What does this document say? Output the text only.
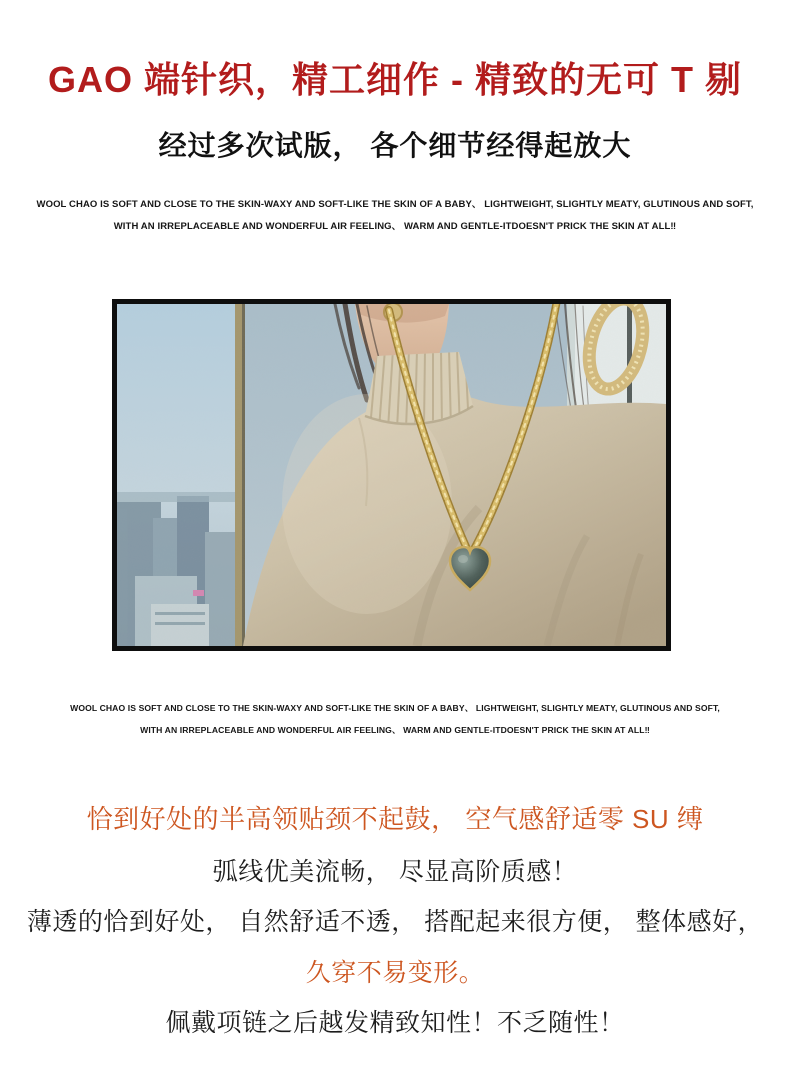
GAO 端针织，精工细作 - 精致的无可 T 剔
经过多次试版， 各个细节经得起放大
WOOL CHAO IS SOFT AND CLOSE TO THE SKIN-WAXY AND SOFT-LIKE THE SKIN OF A BABY、 LIGHTWEIGHT, SLIGHTLY MEATY, GLUTINOUS AND SOFT,
WITH AN IRREPLACEABLE AND WONDERFUL AIR FEELING、 WARM AND GENTLE-ITDOESN'T PRICK THE SKIN AT ALL‼
WOOL CHAO IS SOFT AND CLOSE TO THE SKIN-WAXY AND SOFT-LIKE THE SKIN OF A BABY、 LIGHTWEIGHT, SLIGHTLY MEATY, GLUTINOUS AND SOFT,
WITH AN IRREPLACEABLE AND WONDERFUL AIR FEELING、 WARM AND GENTLE-ITDOESN'T PRICK THE SKIN AT ALL‼
恰到好处的半高领贴颈不起鼓， 空气感舒适零 SU 缚
弧线优美流畅， 尽显高阶质感！
薄透的恰到好处， 自然舒适不透， 搭配起来很方便， 整体感好，
久穿不易变形。
佩戴项链之后越发精致知性！不乏随性！
